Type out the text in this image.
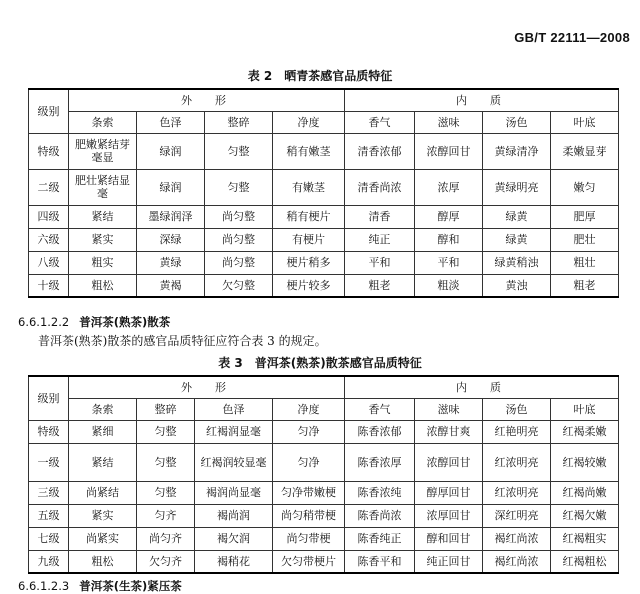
GB/T 22111—2008
表 2　晒青茶感官品质特征
级别	外　形				内　质			
	条索	色泽	整碎	净度	香气	滋味	汤色	叶底
特级	肥嫩紧结芽毫显	绿润	匀整	稍有嫩茎	清香浓郁	浓醇回甘	黄绿清净	柔嫩显芽
二级	肥壮紧结显毫	绿润	匀整	有嫩茎	清香尚浓	浓厚	黄绿明亮	嫩匀
四级	紧结	墨绿润泽	尚匀整	稍有梗片	清香	醇厚	绿黄	肥厚
六级	紧实	深绿	尚匀整	有梗片	纯正	醇和	绿黄	肥壮
八级	粗实	黄绿	尚匀整	梗片稍多	平和	平和	绿黄稍浊	粗壮
十级	粗松	黄褐	欠匀整	梗片较多	粗老	粗淡	黄浊	粗老
6.6.1.2.2 普洱茶(熟茶)散茶
普洱茶(熟茶)散茶的感官品质特征应符合表 3 的规定。
表 3　普洱茶(熟茶)散茶感官品质特征
级别	外　形				内　质			
	条索	整碎	色泽	净度	香气	滋味	汤色	叶底
特级	紧细	匀整	红褐润显毫	匀净	陈香浓郁	浓醇甘爽	红艳明亮	红褐柔嫩
一级	紧结	匀整	红褐润较显毫	匀净	陈香浓厚	浓醇回甘	红浓明亮	红褐较嫩
三级	尚紧结	匀整	褐润尚显毫	匀净带嫩梗	陈香浓纯	醇厚回甘	红浓明亮	红褐尚嫩
五级	紧实	匀齐	褐尚润	尚匀稍带梗	陈香尚浓	浓厚回甘	深红明亮	红褐欠嫩
七级	尚紧实	尚匀齐	褐欠润	尚匀带梗	陈香纯正	醇和回甘	褐红尚浓	红褐粗实
九级	粗松	欠匀齐	褐稍花	欠匀带梗片	陈香平和	纯正回甘	褐红尚浓	红褐粗松
6.6.1.2.3 普洱茶(生茶)紧压茶
